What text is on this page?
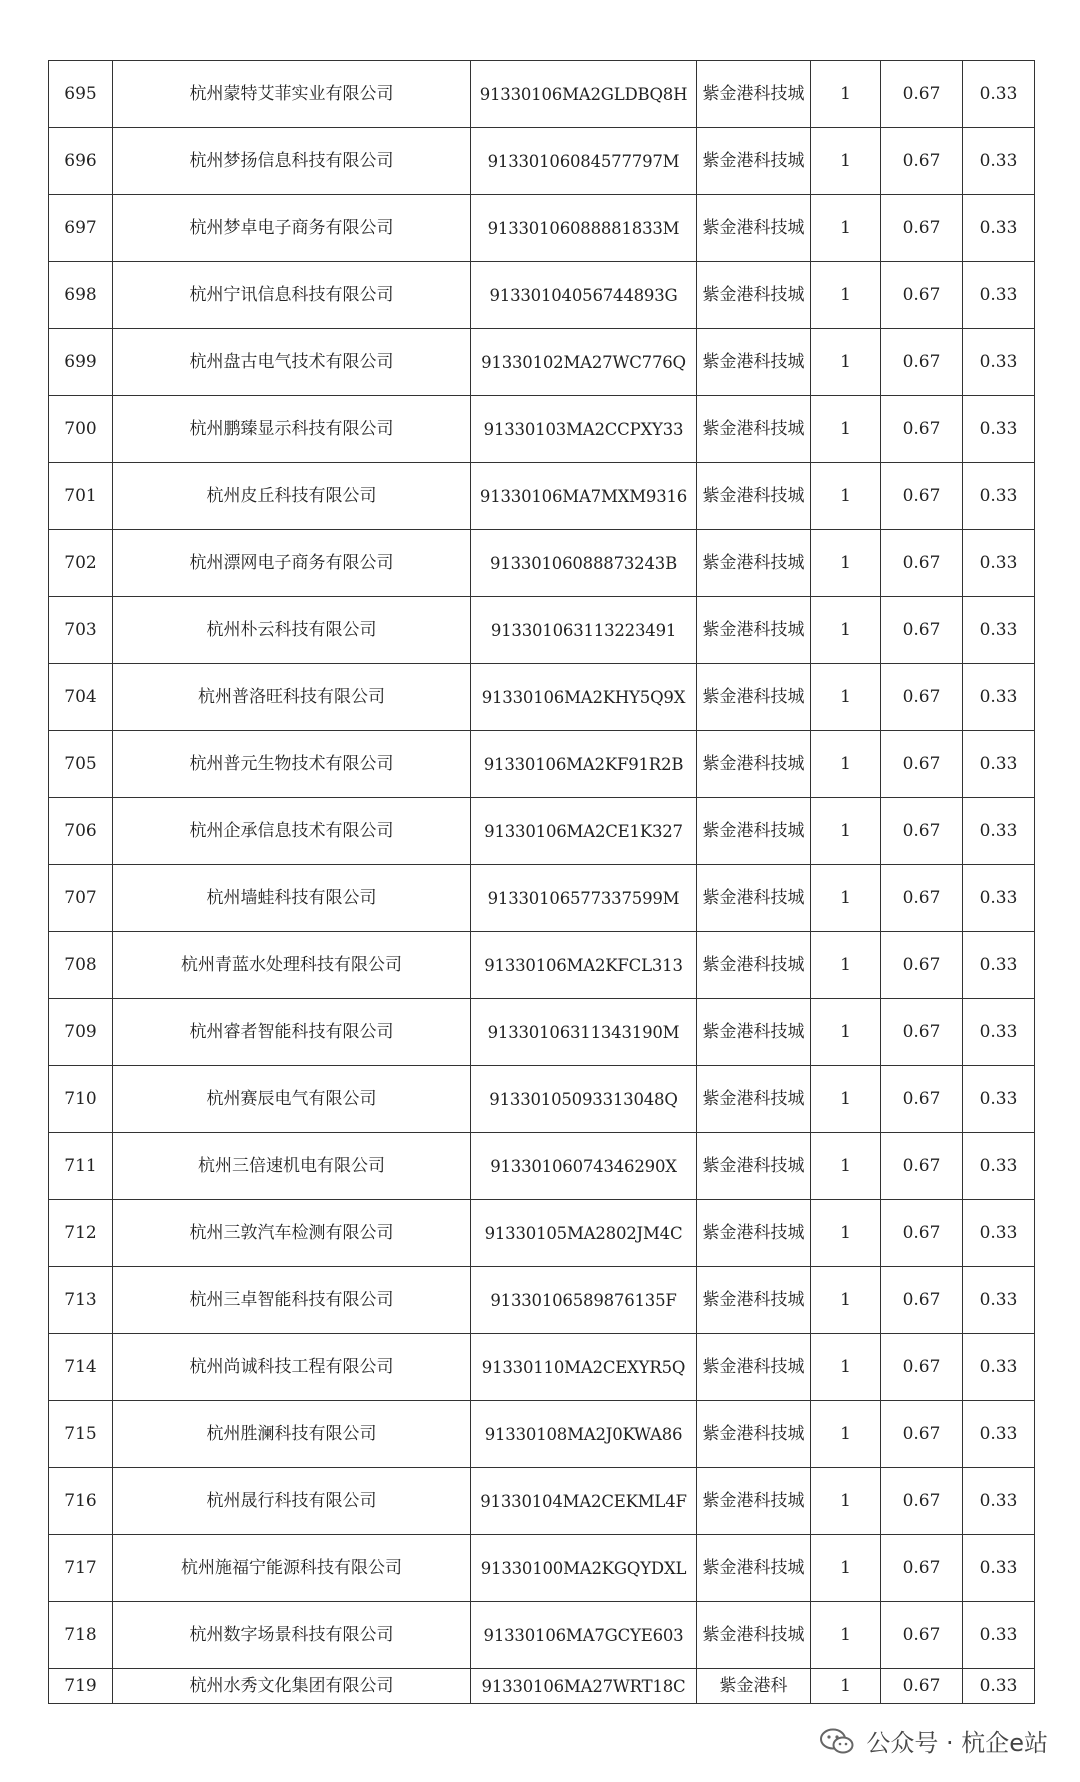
695	杭州蒙特艾菲实业有限公司	91330106MA2GLDBQ8H	紫金港科技城	1	0.67	0.33
696	杭州梦扬信息科技有限公司	91330106084577797M	紫金港科技城	1	0.67	0.33
697	杭州梦卓电子商务有限公司	91330106088881833M	紫金港科技城	1	0.67	0.33
698	杭州宁讯信息科技有限公司	91330104056744893G	紫金港科技城	1	0.67	0.33
699	杭州盘古电气技术有限公司	91330102MA27WC776Q	紫金港科技城	1	0.67	0.33
700	杭州鹏臻显示科技有限公司	91330103MA2CCPXY33	紫金港科技城	1	0.67	0.33
701	杭州皮丘科技有限公司	91330106MA7MXM9316	紫金港科技城	1	0.67	0.33
702	杭州漂网电子商务有限公司	91330106088873243B	紫金港科技城	1	0.67	0.33
703	杭州朴云科技有限公司	913301063113223491	紫金港科技城	1	0.67	0.33
704	杭州普洛旺科技有限公司	91330106MA2KHY5Q9X	紫金港科技城	1	0.67	0.33
705	杭州普元生物技术有限公司	91330106MA2KF91R2B	紫金港科技城	1	0.67	0.33
706	杭州企承信息技术有限公司	91330106MA2CE1K327	紫金港科技城	1	0.67	0.33
707	杭州墙蛙科技有限公司	91330106577337599M	紫金港科技城	1	0.67	0.33
708	杭州青蓝水处理科技有限公司	91330106MA2KFCL313	紫金港科技城	1	0.67	0.33
709	杭州睿者智能科技有限公司	91330106311343190M	紫金港科技城	1	0.67	0.33
710	杭州赛辰电气有限公司	91330105093313048Q	紫金港科技城	1	0.67	0.33
711	杭州三倍速机电有限公司	91330106074346290X	紫金港科技城	1	0.67	0.33
712	杭州三敦汽车检测有限公司	91330105MA2802JM4C	紫金港科技城	1	0.67	0.33
713	杭州三卓智能科技有限公司	91330106589876135F	紫金港科技城	1	0.67	0.33
714	杭州尚诚科技工程有限公司	91330110MA2CEXYR5Q	紫金港科技城	1	0.67	0.33
715	杭州胜澜科技有限公司	91330108MA2J0KWA86	紫金港科技城	1	0.67	0.33
716	杭州晟行科技有限公司	91330104MA2CEKML4F	紫金港科技城	1	0.67	0.33
717	杭州施福宁能源科技有限公司	91330100MA2KGQYDXL	紫金港科技城	1	0.67	0.33
718	杭州数字场景科技有限公司	91330106MA7GCYE603	紫金港科技城	1	0.67	0.33
719	杭州水秀文化集团有限公司	91330106MA27WRT18C	紫金港科	1	0.67	0.33
公众号 · 杭企e站
